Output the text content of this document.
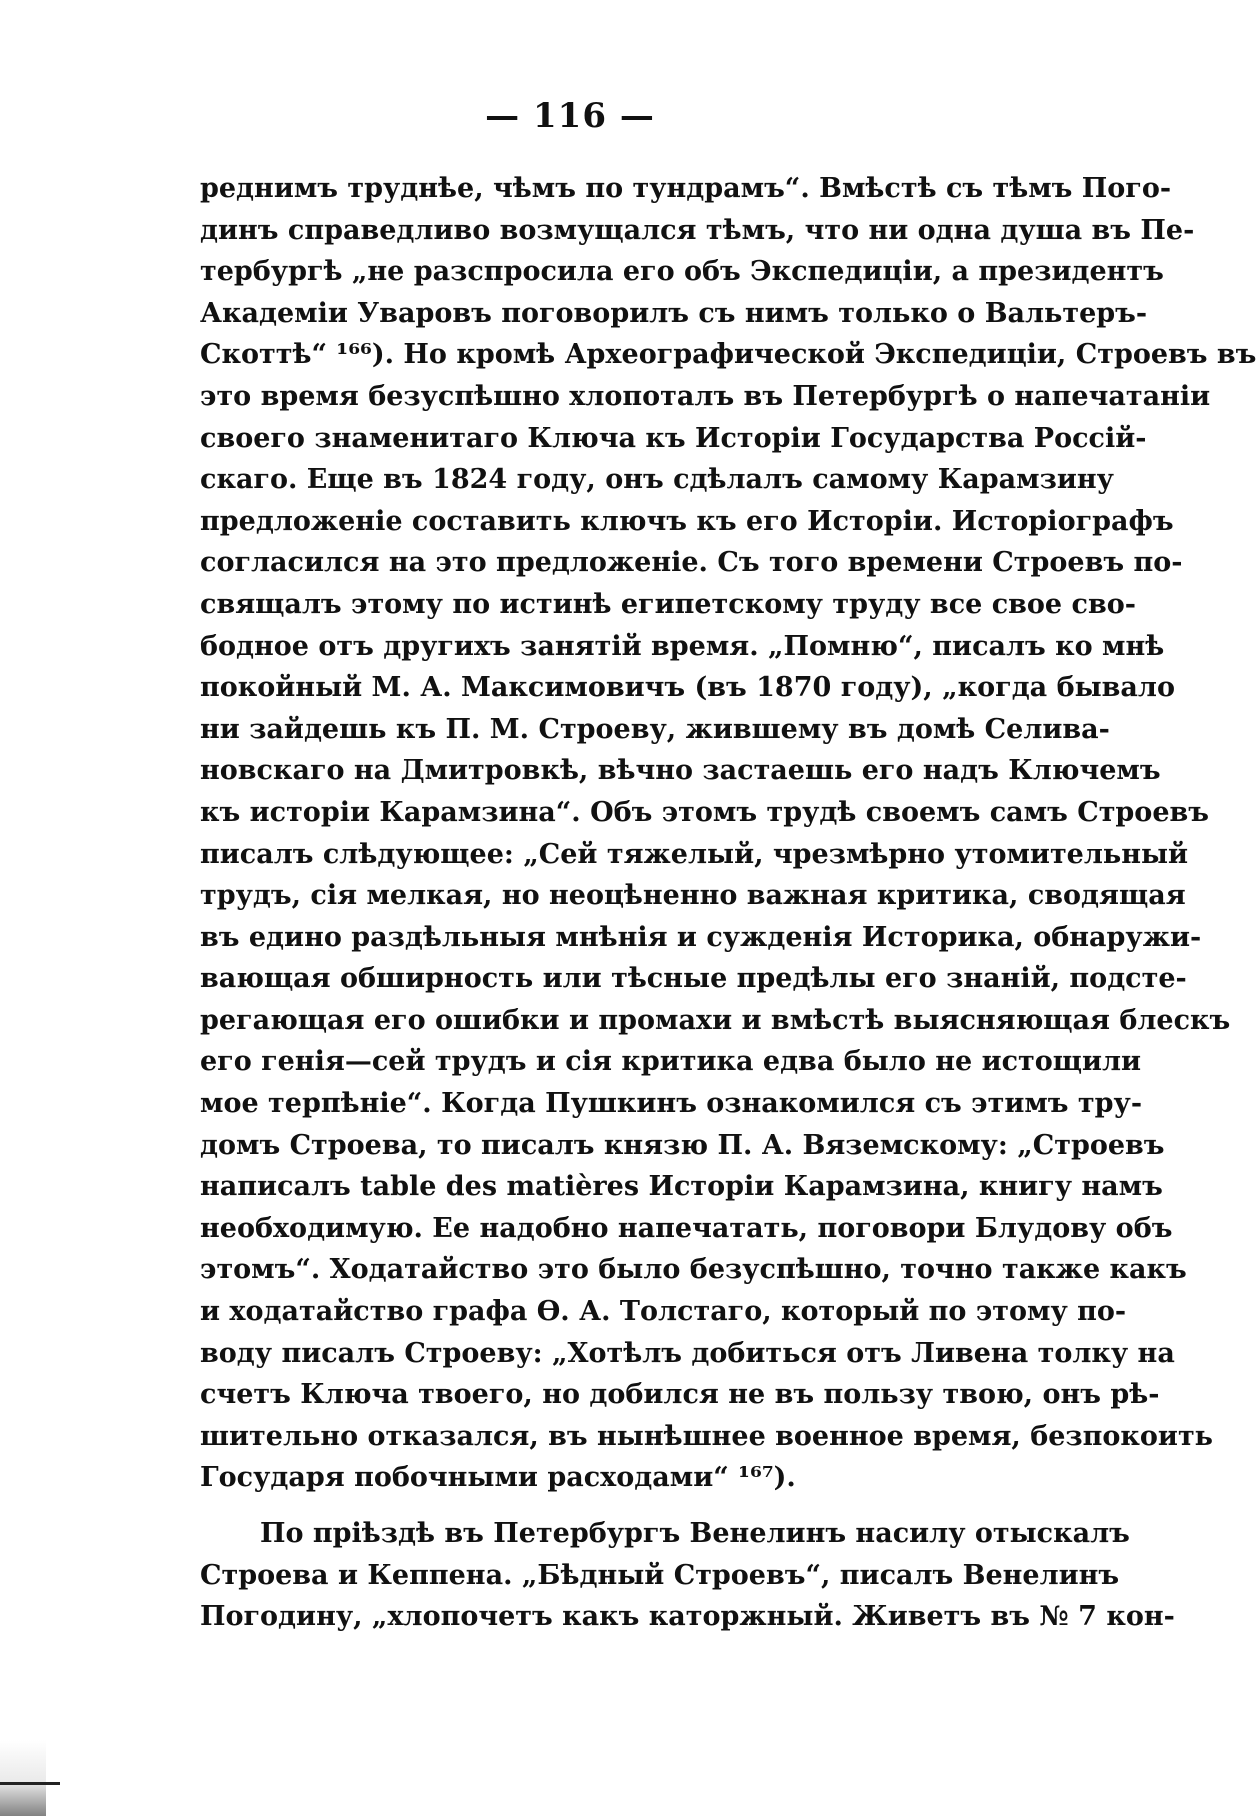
— 116 —
реднимъ труднѣе, чѣмъ по тундрамъ“. Вмѣстѣ съ тѣмъ Пого-
динъ справедливо возмущался тѣмъ, что ни одна душа въ Пе-
тербургѣ „не разспросила его объ Экспедиціи, а президентъ
Академіи Уваровъ поговорилъ съ нимъ только о Вальтеръ-
Скоттѣ“ ¹⁶⁶). Но кромѣ Археографической Экспедиціи, Строевъ въ
это время безуспѣшно хлопоталъ въ Петербургѣ о напечатаніи
своего знаменитаго Ключа къ Исторіи Государства Россій-
скаго. Еще въ 1824 году, онъ сдѣлалъ самому Карамзину
предложеніе составить ключъ къ его Исторіи. Исторіографъ
согласился на это предложеніе. Съ того времени Строевъ по-
свящалъ этому по истинѣ египетскому труду все свое сво-
бодное отъ другихъ занятій время. „Помню“, писалъ ко мнѣ
покойный М. А. Максимовичъ (въ 1870 году), „когда бывало
ни зайдешь къ П. М. Строеву, жившему въ домѣ Селива-
новскаго на Дмитровкѣ, вѣчно застаешь его надъ Ключемъ
къ исторіи Карамзина“. Объ этомъ трудѣ своемъ самъ Строевъ
писалъ слѣдующее: „Сей тяжелый, чрезмѣрно утомительный
трудъ, сія мелкая, но неоцѣненно важная критика, сводящая
въ едино раздѣльныя мнѣнія и сужденія Историка, обнаружи-
вающая обширность или тѣсные предѣлы его знаній, подсте-
регающая его ошибки и промахи и вмѣстѣ выясняющая блескъ
его генія—сей трудъ и сія критика едва было не истощили
мое терпѣніе“. Когда Пушкинъ ознакомился съ этимъ тру-
домъ Строева, то писалъ князю П. А. Вяземскому: „Строевъ
написалъ table des matières Исторіи Карамзина, книгу намъ
необходимую. Ее надобно напечатать, поговори Блудову объ
этомъ“. Ходатайство это было безуспѣшно, точно также какъ
и ходатайство графа Ѳ. А. Толстаго, который по этому по-
воду писалъ Строеву: „Хотѣлъ добиться отъ Ливена толку на
счетъ Ключа твоего, но добился не въ пользу твою, онъ рѣ-
шительно отказался, въ нынѣшнее военное время, безпокоить
Государя побочными расходами“ ¹⁶⁷).
По пріѣздѣ въ Петербургъ Венелинъ насилу отыскалъ
Строева и Кеппена. „Бѣдный Строевъ“, писалъ Венелинъ
Погодину, „хлопочетъ какъ каторжный. Живетъ въ № 7 кон-
